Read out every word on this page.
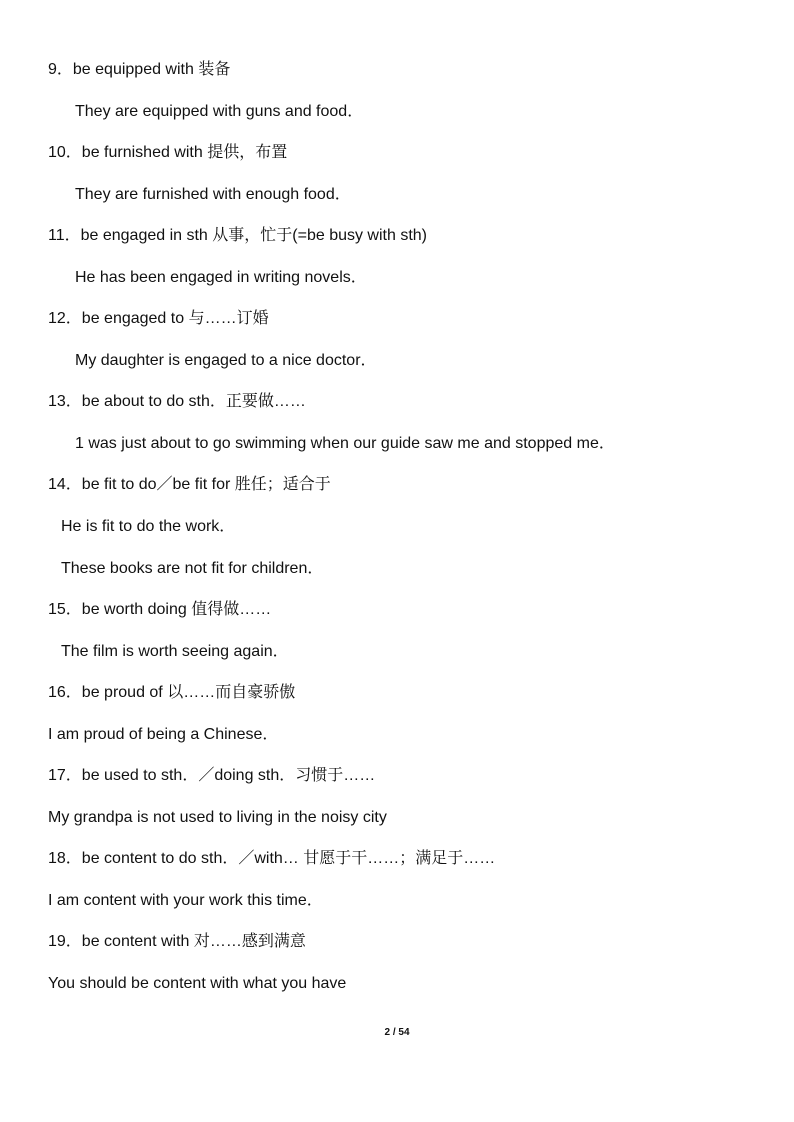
9．be equipped with 装备
They are equipped with guns and food．
10．be furnished with 提供，布置
They are furnished with enough food．
11．be engaged in sth 从事，忙于(=be busy with sth)
He has been engaged in writing novels．
12．be engaged to 与……订婚
My daughter is engaged to a nice doctor．
13．be about to do sth．正要做……
1 was just about to go swimming when our guide saw me and stopped me．
14．be fit to do／be fit for 胜任；适合于
He is fit to do the work．
These books are not fit for children．
15．be worth doing 值得做……
The film is worth seeing again．
16．be proud of 以……而自豪骄傲
I am proud of being a Chinese．
17．be used to sth．／doing sth．习惯于……
My grandpa is not used to living in the noisy city
18．be content to do sth．／with… 甘愿于干……；满足于……
I am content with your work this time．
19．be content with 对……感到满意
You should be content with what you have
2 / 54
